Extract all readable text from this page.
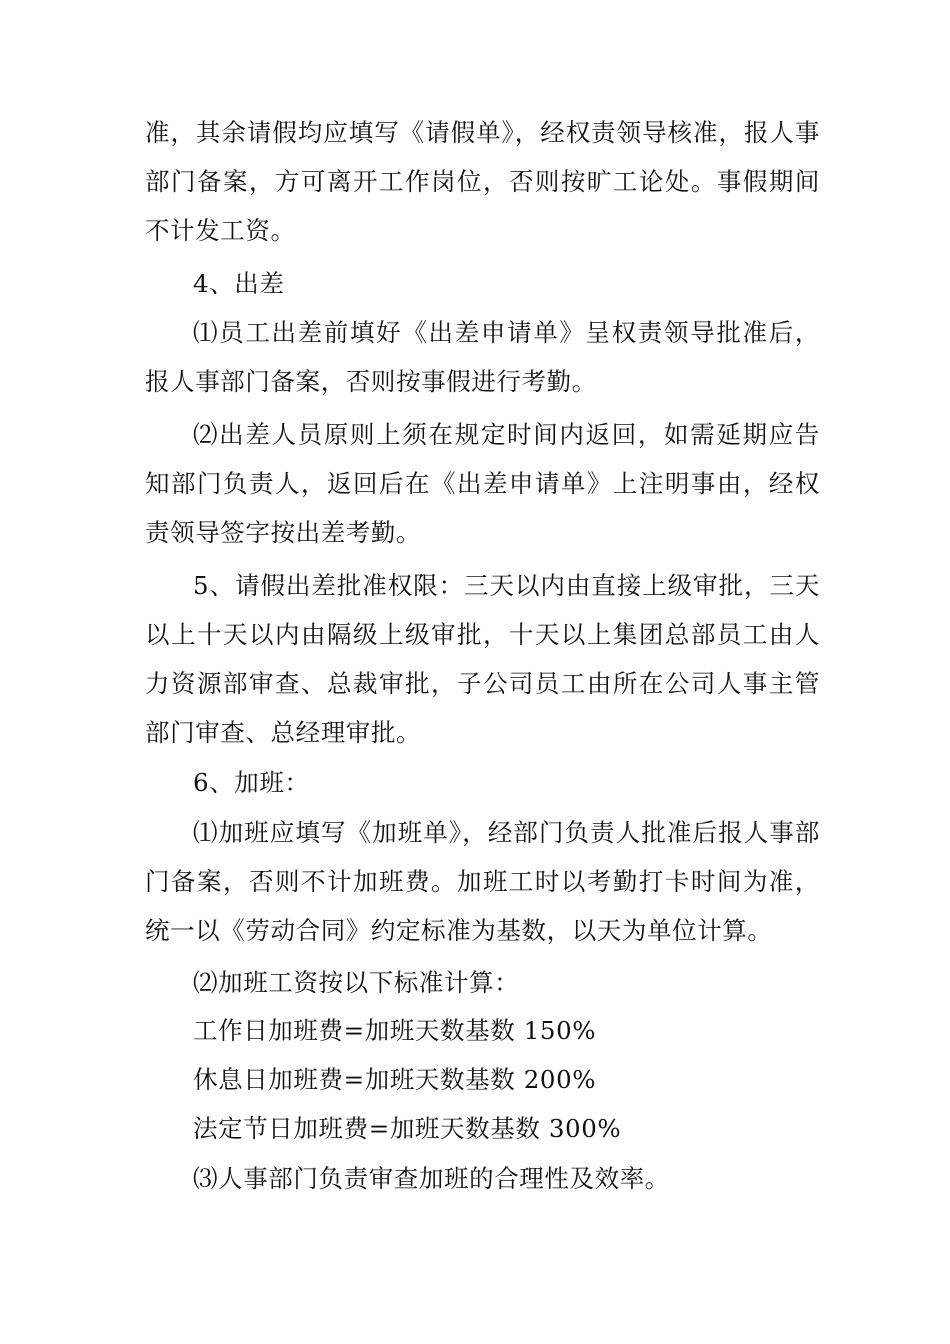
准，其余请假均应填写《请假单》，经权责领导核准，报人事部门备案，方可离开工作岗位，否则按旷工论处。事假期间不计发工资。

4、出差

⑴员工出差前填好《出差申请单》呈权责领导批准后，报人事部门备案，否则按事假进行考勤。

⑵出差人员原则上须在规定时间内返回，如需延期应告知部门负责人，返回后在《出差申请单》上注明事由，经权责领导签字按出差考勤。

5、请假出差批准权限：三天以内由直接上级审批，三天以上十天以内由隔级上级审批，十天以上集团总部员工由人力资源部审查、总裁审批，子公司员工由所在公司人事主管部门审查、总经理审批。

6、加班：

⑴加班应填写《加班单》，经部门负责人批准后报人事部门备案，否则不计加班费。加班工时以考勤打卡时间为准，统一以《劳动合同》约定标准为基数，以天为单位计算。

⑵加班工资按以下标准计算：

工作日加班费=加班天数基数 150%

休息日加班费=加班天数基数 200%

法定节日加班费=加班天数基数 300%

⑶人事部门负责审查加班的合理性及效率。
